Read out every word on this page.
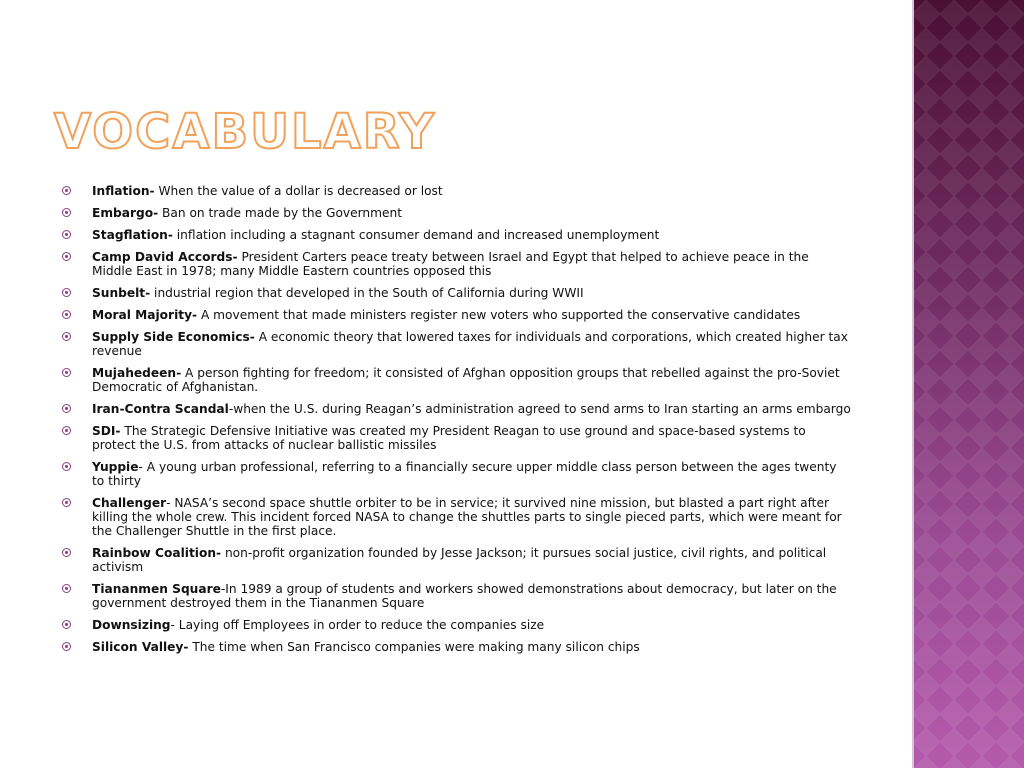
VOCABULARY
Inflation- When the value of a dollar is decreased or lost
Embargo- Ban on trade made by the Government
Stagflation- inflation including a stagnant consumer demand and increased unemployment
Camp David Accords- President Carters peace treaty between Israel and Egypt that helped to achieve peace in the Middle East in 1978; many Middle Eastern countries opposed this
Sunbelt- industrial region that developed in the South of California during WWII
Moral Majority- A movement that made ministers register new voters who supported the conservative candidates
Supply Side Economics- A economic theory that lowered taxes for individuals and corporations, which created higher tax revenue
Mujahedeen- A person fighting for freedom; it consisted of Afghan opposition groups that rebelled against the pro-Soviet Democratic of Afghanistan.
Iran-Contra Scandal-when the U.S. during Reagan’s administration agreed to send arms to Iran starting an arms embargo
SDI- The Strategic Defensive Initiative was created my President Reagan to use ground and space-based systems to protect the U.S. from attacks of nuclear ballistic missiles
Yuppie- A young urban professional, referring to a financially secure upper middle class person between the ages twenty to thirty
Challenger- NASA’s second space shuttle orbiter to be in service; it survived nine mission, but blasted a part right after killing the whole crew. This incident forced NASA to change the shuttles parts to single pieced parts, which were meant for the Challenger Shuttle in the first place.
Rainbow Coalition- non-profit organization founded by Jesse Jackson; it pursues social justice, civil rights, and political activism
Tiananmen Square-In 1989 a group of students and workers showed demonstrations about democracy, but later on the government destroyed them in the Tiananmen Square
Downsizing- Laying off Employees in order to reduce the companies size
Silicon Valley- The time when San Francisco companies were making many silicon chips
